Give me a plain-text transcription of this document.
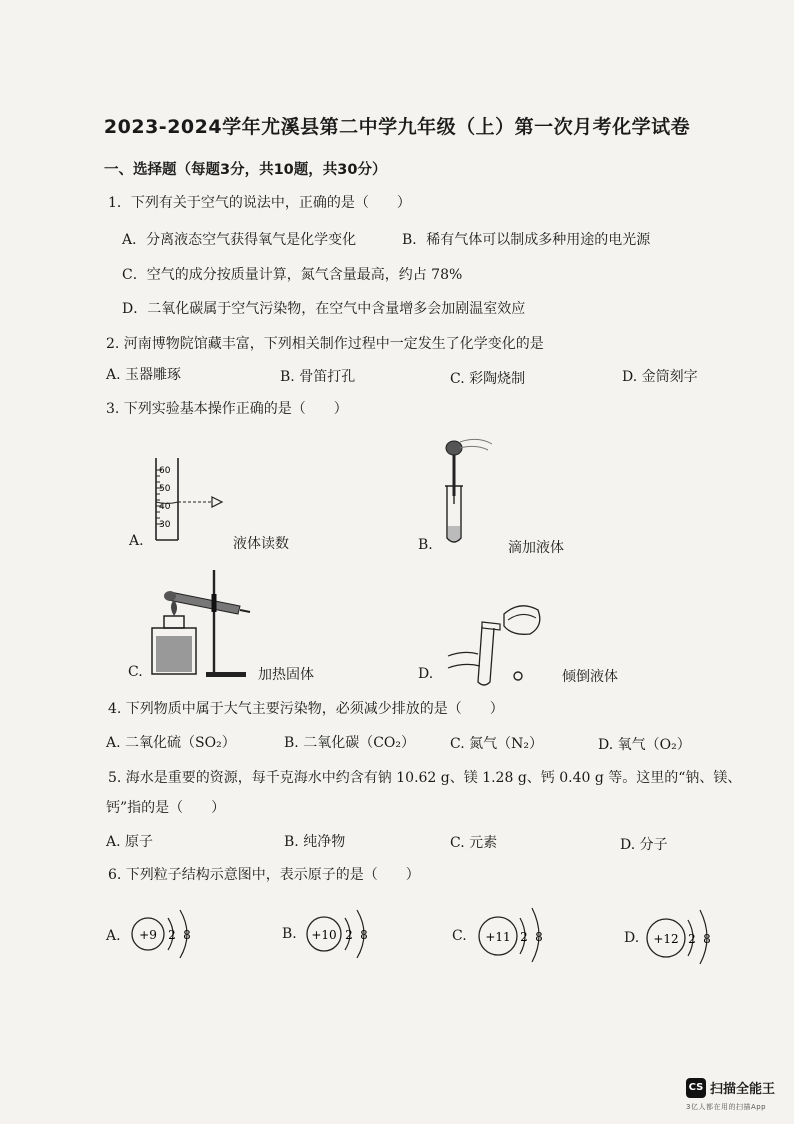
2023-2024学年尤溪县第二中学九年级（上）第一次月考化学试卷
一、选择题（每题3分，共10题，共30分）
1．下列有关于空气的说法中，正确的是（　　）
A．分离液态空气获得氧气是化学变化	B．稀有气体可以制成多种用途的电光源
C．空气的成分按质量计算，氮气含量最高，约占 78%
D．二氧化碳属于空气污染物，在空气中含量增多会加剧温室效应
2. 河南博物院馆藏丰富，下列相关制作过程中一定发生了化学变化的是
A. 玉器雕琢	B. 骨笛打孔	C. 彩陶烧制	D. 金筒刻字
3. 下列实验基本操作正确的是（　　）
60
50
40
30
A.	液体读数	B.	滴加液体
C.	加热固体	D.	倾倒液体
4. 下列物质中属于大气主要污染物，必须减少排放的是（　　）
A. 二氧化硫（SO₂）	B. 二氧化碳（CO₂）	C. 氮气（N₂）	D. 氧气（O₂）
5. 海水是重要的资源，每千克海水中约含有钠 10.62 g、镁 1.28 g、钙 0.40 g 等。这里的“钠、镁、
钙”指的是（　　）
A. 原子	B. 纯净物	C. 元素	D. 分子
6. 下列粒子结构示意图中，表示原子的是（　　）
A. +9 2 8	B. +10 2 8	C. +11 2 8	D. +12 2 8
CS 扫描全能王
3亿人都在用的扫描App
